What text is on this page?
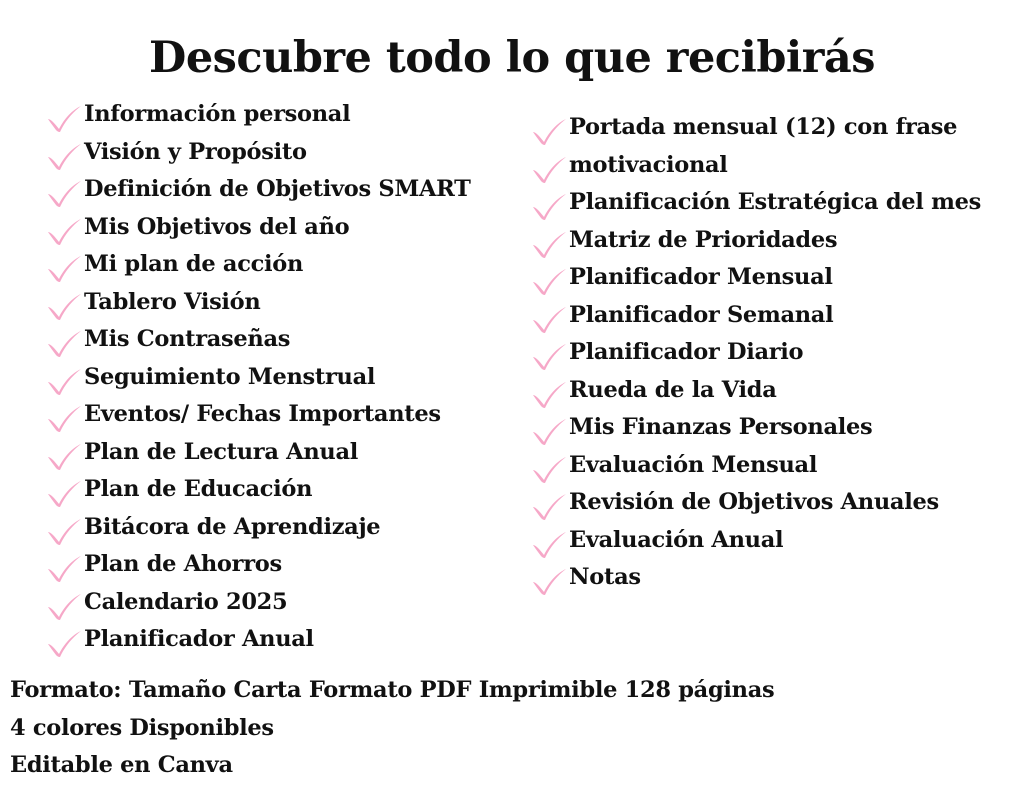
Descubre todo lo que recibirás
Información personal
Visión y Propósito
Definición de Objetivos SMART
Mis Objetivos del año
Mi plan de acción
Tablero Visión
Mis Contraseñas
Seguimiento Menstrual
Eventos/ Fechas Importantes
Plan de Lectura Anual
Plan de Educación
Bitácora de Aprendizaje
Plan de Ahorros
Calendario 2025
Planificador Anual
Portada mensual (12) con frase
motivacional
Planificación Estratégica del mes
Matriz de Prioridades
Planificador Mensual
Planificador Semanal
Planificador Diario
Rueda de la Vida
Mis Finanzas Personales
Evaluación Mensual
Revisión de Objetivos Anuales
Evaluación Anual
Notas
Formato: Tamaño Carta Formato PDF Imprimible 128 páginas
4 colores Disponibles
Editable en Canva
